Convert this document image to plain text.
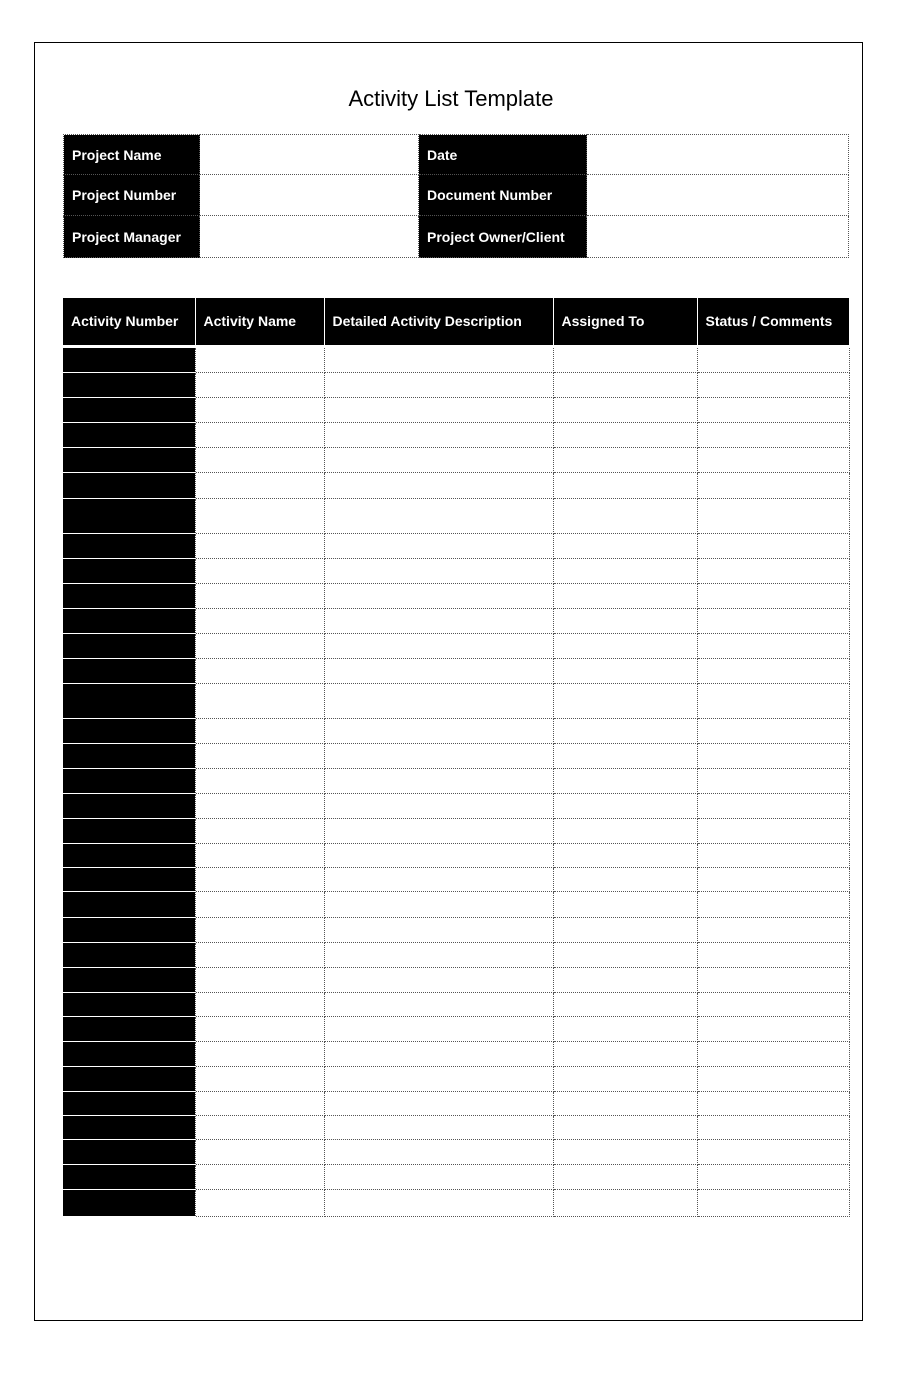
Activity List Template
Project Name		Date	
Project Number		Document Number	
Project Manager		Project Owner/Client	
Activity Number	Activity Name	Detailed Activity Description	Assigned To	Status / Comments
